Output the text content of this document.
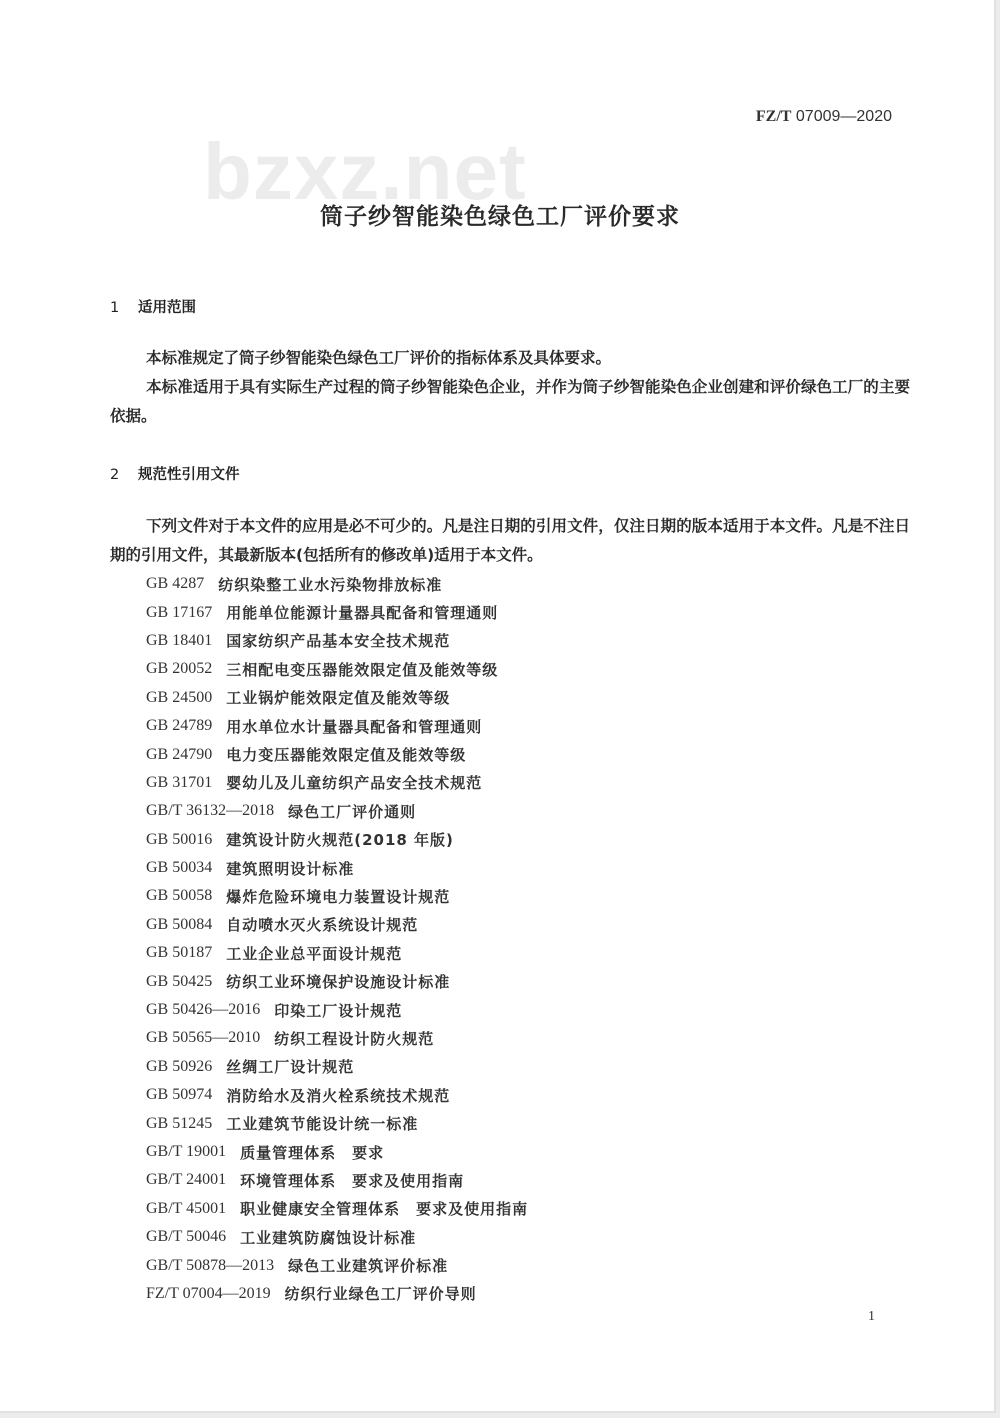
FZ/T 07009—2020
bzxz.net
筒子纱智能染色绿色工厂评价要求
1 适用范围
本标准规定了筒子纱智能染色绿色工厂评价的指标体系及具体要求。
本标准适用于具有实际生产过程的筒子纱智能染色企业，并作为筒子纱智能染色企业创建和评价绿色工厂的主要依据。
2 规范性引用文件
下列文件对于本文件的应用是必不可少的。凡是注日期的引用文件，仅注日期的版本适用于本文件。凡是不注日期的引用文件，其最新版本(包括所有的修改单)适用于本文件。
GB 4287 纺织染整工业水污染物排放标准
GB 17167 用能单位能源计量器具配备和管理通则
GB 18401 国家纺织产品基本安全技术规范
GB 20052 三相配电变压器能效限定值及能效等级
GB 24500 工业锅炉能效限定值及能效等级
GB 24789 用水单位水计量器具配备和管理通则
GB 24790 电力变压器能效限定值及能效等级
GB 31701 婴幼儿及儿童纺织产品安全技术规范
GB/T 36132—2018 绿色工厂评价通则
GB 50016 建筑设计防火规范(2018 年版)
GB 50034 建筑照明设计标准
GB 50058 爆炸危险环境电力装置设计规范
GB 50084 自动喷水灭火系统设计规范
GB 50187 工业企业总平面设计规范
GB 50425 纺织工业环境保护设施设计标准
GB 50426—2016 印染工厂设计规范
GB 50565—2010 纺织工程设计防火规范
GB 50926 丝绸工厂设计规范
GB 50974 消防给水及消火栓系统技术规范
GB 51245 工业建筑节能设计统一标准
GB/T 19001 质量管理体系　要求
GB/T 24001 环境管理体系　要求及使用指南
GB/T 45001 职业健康安全管理体系　要求及使用指南
GB/T 50046 工业建筑防腐蚀设计标准
GB/T 50878—2013 绿色工业建筑评价标准
FZ/T 07004—2019 纺织行业绿色工厂评价导则
1
